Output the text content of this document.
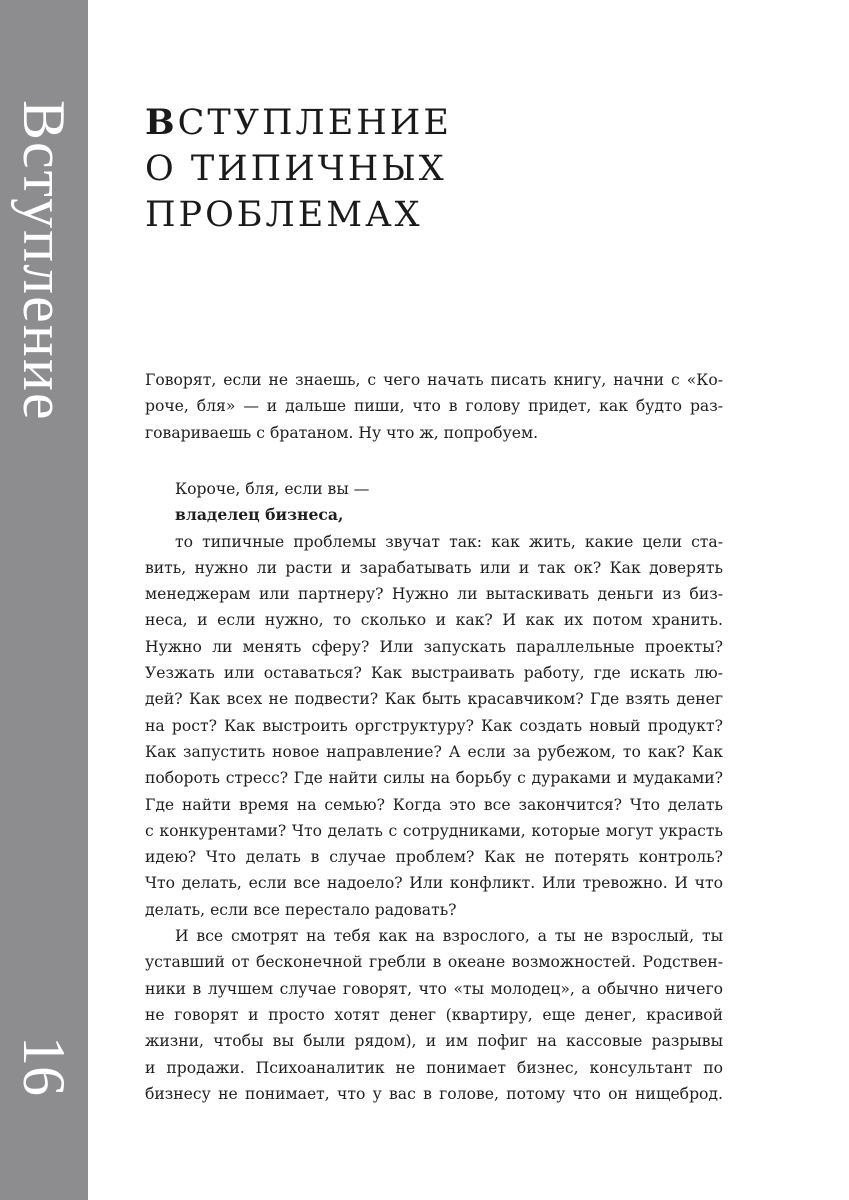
Вступление
16
ВСТУПЛЕНИЕ
О ТИПИЧНЫХ
ПРОБЛЕМАХ
Говорят, если не знаешь, с чего начать писать книгу, начни с «Ко-
роче, бля» — и дальше пиши, что в голову придет, как будто раз-
говариваешь с братаном. Ну что ж, попробуем.
Короче, бля, если вы —
владелец бизнеса,
то типичные проблемы звучат так: как жить, какие цели ста-
вить, нужно ли расти и зарабатывать или и так ок? Как доверять
менеджерам или партнеру? Нужно ли вытаскивать деньги из биз-
неса, и если нужно, то сколько и как? И как их потом хранить.
Нужно ли менять сферу? Или запускать параллельные проекты?
Уезжать или оставаться? Как выстраивать работу, где искать лю-
дей? Как всех не подвести? Как быть красавчиком? Где взять денег
на рост? Как выстроить оргструктуру? Как создать новый продукт?
Как запустить новое направление? А если за рубежом, то как? Как
побороть стресс? Где найти силы на борьбу с дураками и мудаками?
Где найти время на семью? Когда это все закончится? Что делать
с конкурентами? Что делать с сотрудниками, которые могут украсть
идею? Что делать в случае проблем? Как не потерять контроль?
Что делать, если все надоело? Или конфликт. Или тревожно. И что
делать, если все перестало радовать?
И все смотрят на тебя как на взрослого, а ты не взрослый, ты
уставший от бесконечной гребли в океане возможностей. Родствен-
ники в лучшем случае говорят, что «ты молодец», а обычно ничего
не говорят и просто хотят денег (квартиру, еще денег, красивой
жизни, чтобы вы были рядом), и им пофиг на кассовые разрывы
и продажи. Психоаналитик не понимает бизнес, консультант по
бизнесу не понимает, что у вас в голове, потому что он нищеброд.
